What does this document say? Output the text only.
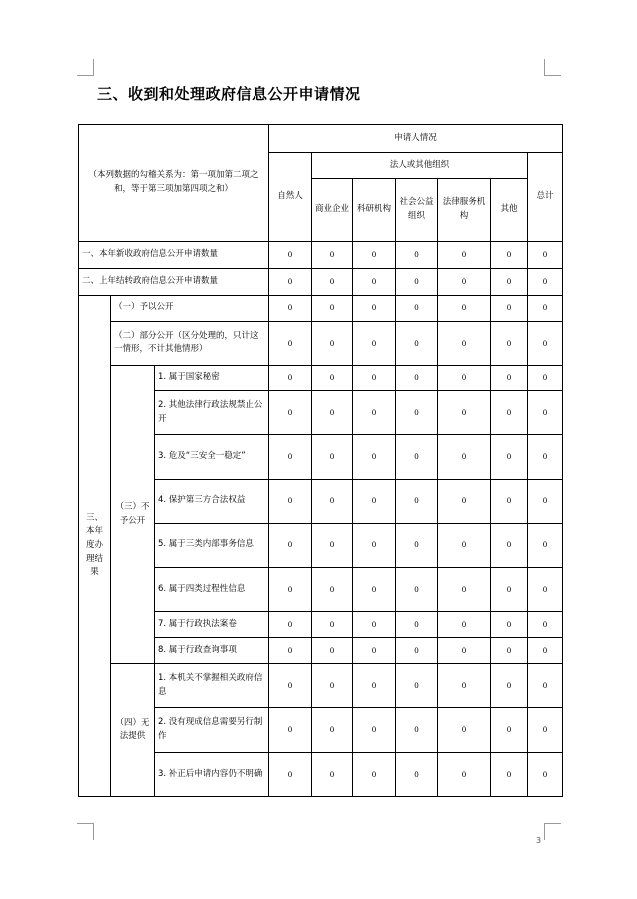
三、收到和处理政府信息公开申请情况
（本列数据的勾稽关系为：第一项加第二项之和，等于第三项加第四项之和）			申请人情况						
			自然人	法人或其他组织					总计
				商业企业	科研机构	社会公益组织	法律服务机构	其他	
一、本年新收政府信息公开申请数量			0	0	0	0	0	0	0
二、上年结转政府信息公开申请数量			0	0	0	0	0	0	0
三、本年度办理结果	（一）予以公开		0	0	0	0	0	0	0
	（二）部分公开（区分处理的，只计这一情形，不计其他情形）		0	0	0	0	0	0	0
	（三）不予公开	1. 属于国家秘密	0	0	0	0	0	0	0
		2. 其他法律行政法规禁止公开	0	0	0	0	0	0	0
		3. 危及“三安全一稳定”	0	0	0	0	0	0	0
		4. 保护第三方合法权益	0	0	0	0	0	0	0
		5. 属于三类内部事务信息	0	0	0	0	0	0	0
		6. 属于四类过程性信息	0	0	0	0	0	0	0
		7. 属于行政执法案卷	0	0	0	0	0	0	0
		8. 属于行政查询事项	0	0	0	0	0	0	0
	（四）无法提供	1. 本机关不掌握相关政府信息	0	0	0	0	0	0	0
		2. 没有现成信息需要另行制作	0	0	0	0	0	0	0
		3. 补正后申请内容仍不明确	0	0	0	0	0	0	0
3
